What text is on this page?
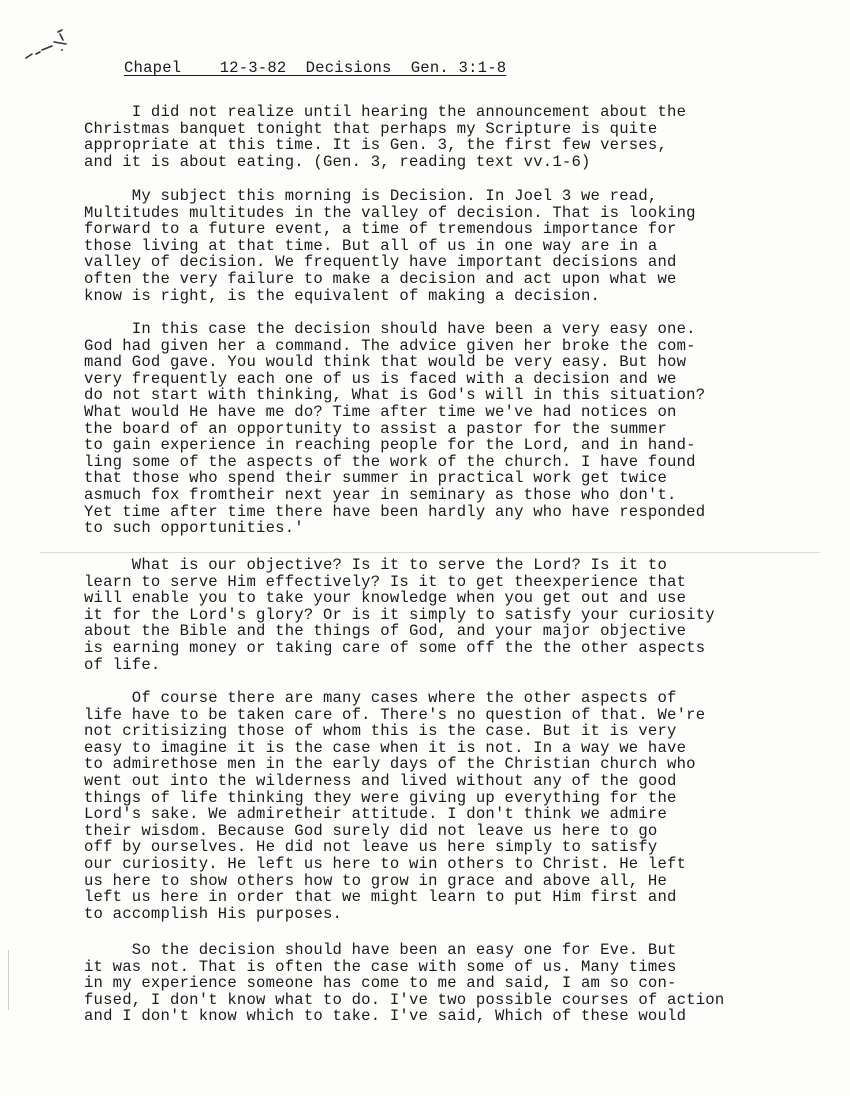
Chapel    12-3-82  Decisions  Gen. 3:1-8
I did not realize until hearing the announcement about the
Christmas banquet tonight that perhaps my Scripture is quite
appropriate at this time. It is Gen. 3, the first few verses,
and it is about eating. (Gen. 3, reading text vv.1-6)
My subject this morning is Decision. In Joel 3 we read,
Multitudes multitudes in the valley of decision. That is looking
forward to a future event, a time of tremendous importance for
those living at that time. But all of us in one way are in a
valley of decision. We frequently have important decisions and
often the very failure to make a decision and act upon what we
know is right, is the equivalent of making a decision.
In this case the decision should have been a very easy one.
God had given her a command. The advice given her broke the com-
mand God gave. You would think that would be very easy. But how
very frequently each one of us is faced with a decision and we
do not start with thinking, What is God's will in this situation?
What would He have me do? Time after time we've had notices on
the board of an opportunity to assist a pastor for the summer
to gain experience in reaching people for the Lord, and in hand-
ling some of the aspects of the work of the church. I have found
that those who spend their summer in practical work get twice
asmuch fox fromtheir next year in seminary as those who don't.
Yet time after time there have been hardly any who have responded
to such opportunities.'
What is our objective? Is it to serve the Lord? Is it to
learn to serve Him effectively? Is it to get theexperience that
will enable you to take your knowledge when you get out and use
it for the Lord's glory? Or is it simply to satisfy your curiosity
about the Bible and the things of God, and your major objective
is earning money or taking care of some off the the other aspects
of life.
Of course there are many cases where the other aspects of
life have to be taken care of. There's no question of that. We're
not critisizing those of whom this is the case. But it is very
easy to imagine it is the case when it is not. In a way we have
to admirethose men in the early days of the Christian church who
went out into the wilderness and lived without any of the good
things of life thinking they were giving up everything for the
Lord's sake. We admiretheir attitude. I don't think we admire
their wisdom. Because God surely did not leave us here to go
off by ourselves. He did not leave us here simply to satisfy
our curiosity. He left us here to win others to Christ. He left
us here to show others how to grow in grace and above all, He
left us here in order that we might learn to put Him first and
to accomplish His purposes.
So the decision should have been an easy one for Eve. But
it was not. That is often the case with some of us. Many times
in my experience someone has come to me and said, I am so con-
fused, I don't know what to do. I've two possible courses of action
and I don't know which to take. I've said, Which of these would
